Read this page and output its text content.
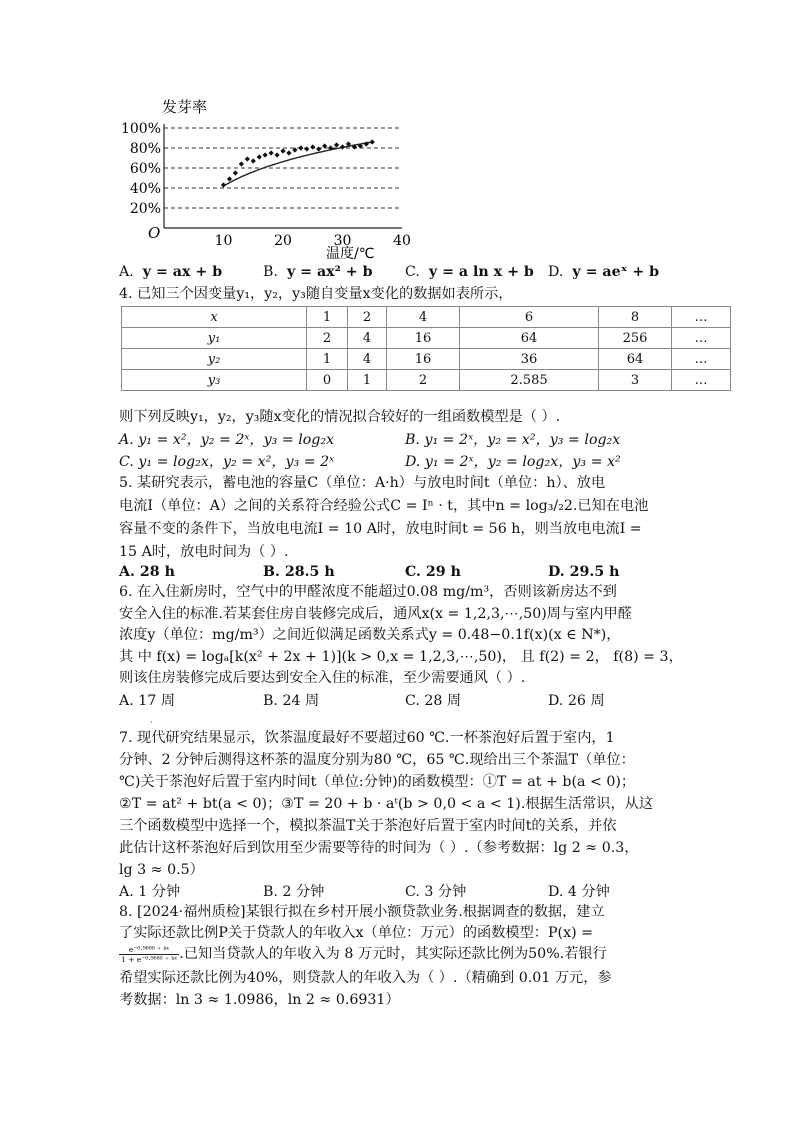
20%
40%
60%
80%
100%
10	20	30	40
发芽率
温度/℃
O
A. y = ax + b	B. y = ax² + b C. y = a ln x + b D. y = aeˣ + b
4. 已知三个因变量y₁，y₂，y₃随自变量x变化的数据如表所示，
x	1	2	4	6	8	…
y₁	2	4	16	64	256	…
y₂	1	4	16	36	64	…
y₃	0	1	2	2.585	3	…
则下列反映y₁，y₂，y₃随x变化的情况拟合较好的一组函数模型是（ ）.
A. y₁ = x²，y₂ = 2ˣ，y₃ = log₂x	B. y₁ = 2ˣ，y₂ = x²，y₃ = log₂x
C. y₁ = log₂x，y₂ = x²，y₃ = 2ˣ	D. y₁ = 2ˣ，y₂ = log₂x，y₃ = x²
5. 某研究表示，蓄电池的容量C（单位：A·h）与放电时间t（单位：h）、放电
电流I（单位：A）之间的关系符合经验公式C = Iⁿ · t，其中n = log₃/₂2.已知在电池
容量不变的条件下，当放电电流I = 10 A时，放电时间t = 56 h，则当放电电流I =
15 A时，放电时间为（ ）.
A. 28 h	B. 28.5 h	C. 29 h	D. 29.5 h
6. 在入住新房时，空气中的甲醛浓度不能超过0.08 mg/m³，否则该新房达不到
安全入住的标准.若某套住房自装修完成后，通风x(x = 1,2,3,⋯,50)周与室内甲醛
浓度y（单位：mg/m³）之间近似满足函数关系式y = 0.48−0.1f(x)(x ∈ N*)，
其 中 f(x) = logₐ[k(x² + 2x + 1)](k > 0,x = 1,2,3,⋯,50)， 且 f(2) = 2， f(8) = 3，
则该住房装修完成后要达到安全入住的标准，至少需要通风（ ）.
A. 17 周	B. 24 周	C. 28 周	D. 26 周
·
7. 现代研究结果显示，饮茶温度最好不要超过60 ℃.一杯茶泡好后置于室内，1
分钟、2 分钟后测得这杯茶的温度分别为80 ℃，65 ℃.现给出三个茶温T（单位：
℃)关于茶泡好后置于室内时间t（单位:分钟)的函数模型：①T = at + b(a < 0)；
②T = at² + bt(a < 0)；③T = 20 + b · aᵗ(b > 0,0 < a < 1).根据生活常识，从这
三个函数模型中选择一个，模拟茶温T关于茶泡好后置于室内时间t的关系，并依
此估计这杯茶泡好后到饮用至少需要等待的时间为（ ）.（参考数据：lg 2 ≈ 0.3，
lg 3 ≈ 0.5）
A. 1 分钟	B. 2 分钟	C. 3 分钟	D. 4 分钟
8. [2024·福州质检]某银行拟在乡村开展小额贷款业务.根据调查的数据，建立
了实际还款比例P关于贷款人的年收入x（单位：万元）的函数模型：P(x) =
$\frac{\text{e⁻⁰·⁹⁶⁸⁰ ⁺ ᵏˣ}}{\text{1 + e⁻⁰·⁹⁶⁸⁰ ⁺ ᵏˣ}}$ .已知当贷款人的年收入为 8 万元时，其实际还款比例为50%.若银行
希望实际还款比例为40%，则贷款人的年收入为（ ）.（精确到 0.01 万元，参
考数据：ln 3 ≈ 1.0986，ln 2 ≈ 0.6931）
